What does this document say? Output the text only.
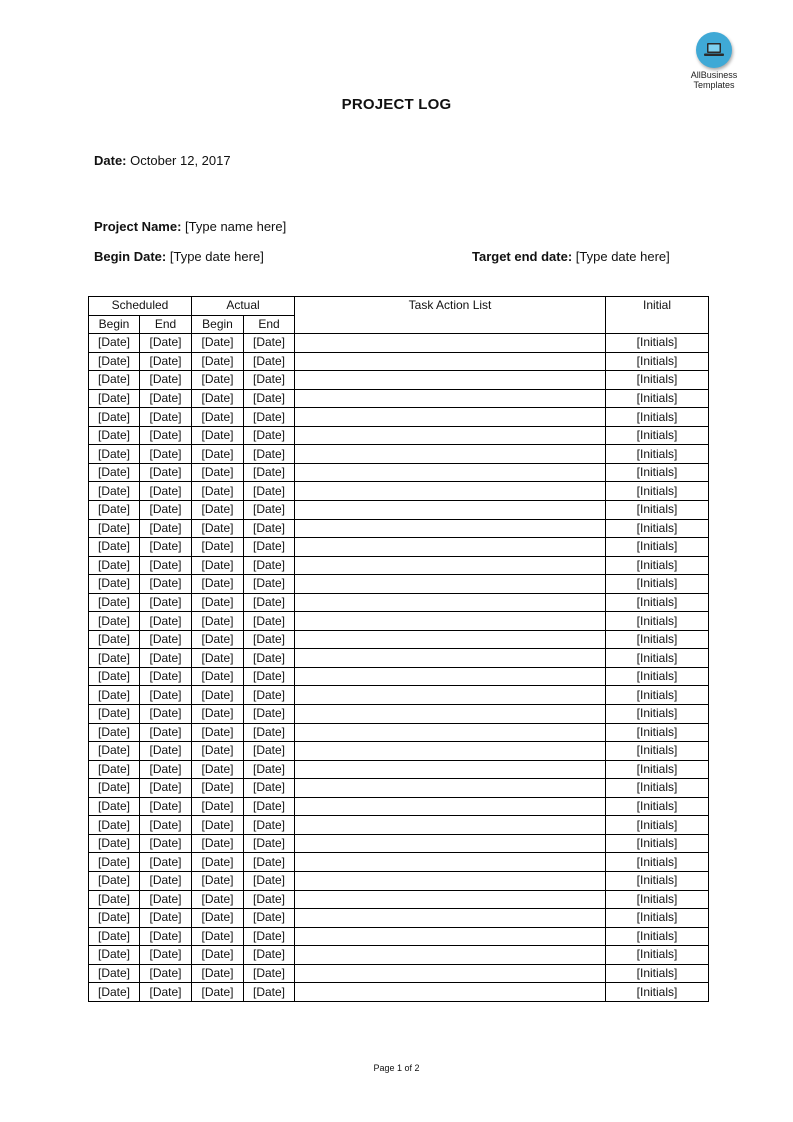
AllBusiness
Templates
PROJECT LOG
Date: October 12, 2017
Project Name: [Type name here]
Begin Date: [Type date here]	Target end date: [Type date here]
Scheduled		Actual		Task Action List	Initial
Begin	End	Begin	End		
[Date]	[Date]	[Date]	[Date]		[Initials]
[Date]	[Date]	[Date]	[Date]		[Initials]
[Date]	[Date]	[Date]	[Date]		[Initials]
[Date]	[Date]	[Date]	[Date]		[Initials]
[Date]	[Date]	[Date]	[Date]		[Initials]
[Date]	[Date]	[Date]	[Date]		[Initials]
[Date]	[Date]	[Date]	[Date]		[Initials]
[Date]	[Date]	[Date]	[Date]		[Initials]
[Date]	[Date]	[Date]	[Date]		[Initials]
[Date]	[Date]	[Date]	[Date]		[Initials]
[Date]	[Date]	[Date]	[Date]		[Initials]
[Date]	[Date]	[Date]	[Date]		[Initials]
[Date]	[Date]	[Date]	[Date]		[Initials]
[Date]	[Date]	[Date]	[Date]		[Initials]
[Date]	[Date]	[Date]	[Date]		[Initials]
[Date]	[Date]	[Date]	[Date]		[Initials]
[Date]	[Date]	[Date]	[Date]		[Initials]
[Date]	[Date]	[Date]	[Date]		[Initials]
[Date]	[Date]	[Date]	[Date]		[Initials]
[Date]	[Date]	[Date]	[Date]		[Initials]
[Date]	[Date]	[Date]	[Date]		[Initials]
[Date]	[Date]	[Date]	[Date]		[Initials]
[Date]	[Date]	[Date]	[Date]		[Initials]
[Date]	[Date]	[Date]	[Date]		[Initials]
[Date]	[Date]	[Date]	[Date]		[Initials]
[Date]	[Date]	[Date]	[Date]		[Initials]
[Date]	[Date]	[Date]	[Date]		[Initials]
[Date]	[Date]	[Date]	[Date]		[Initials]
[Date]	[Date]	[Date]	[Date]		[Initials]
[Date]	[Date]	[Date]	[Date]		[Initials]
[Date]	[Date]	[Date]	[Date]		[Initials]
[Date]	[Date]	[Date]	[Date]		[Initials]
[Date]	[Date]	[Date]	[Date]		[Initials]
[Date]	[Date]	[Date]	[Date]		[Initials]
[Date]	[Date]	[Date]	[Date]		[Initials]
[Date]	[Date]	[Date]	[Date]		[Initials]
Page 1 of 2
